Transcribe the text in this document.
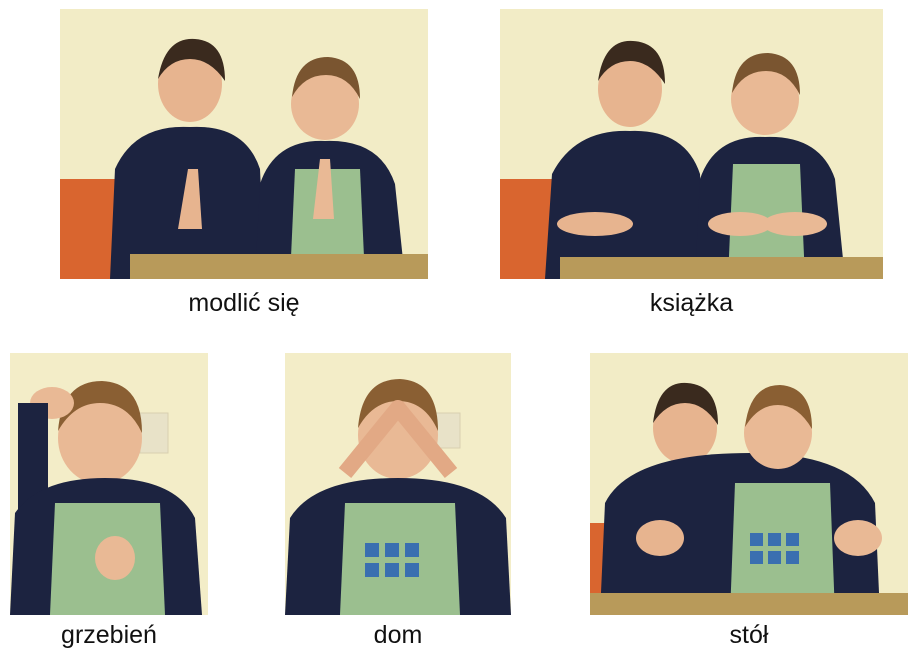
modlić się	książka
grzebień	dom	stół
